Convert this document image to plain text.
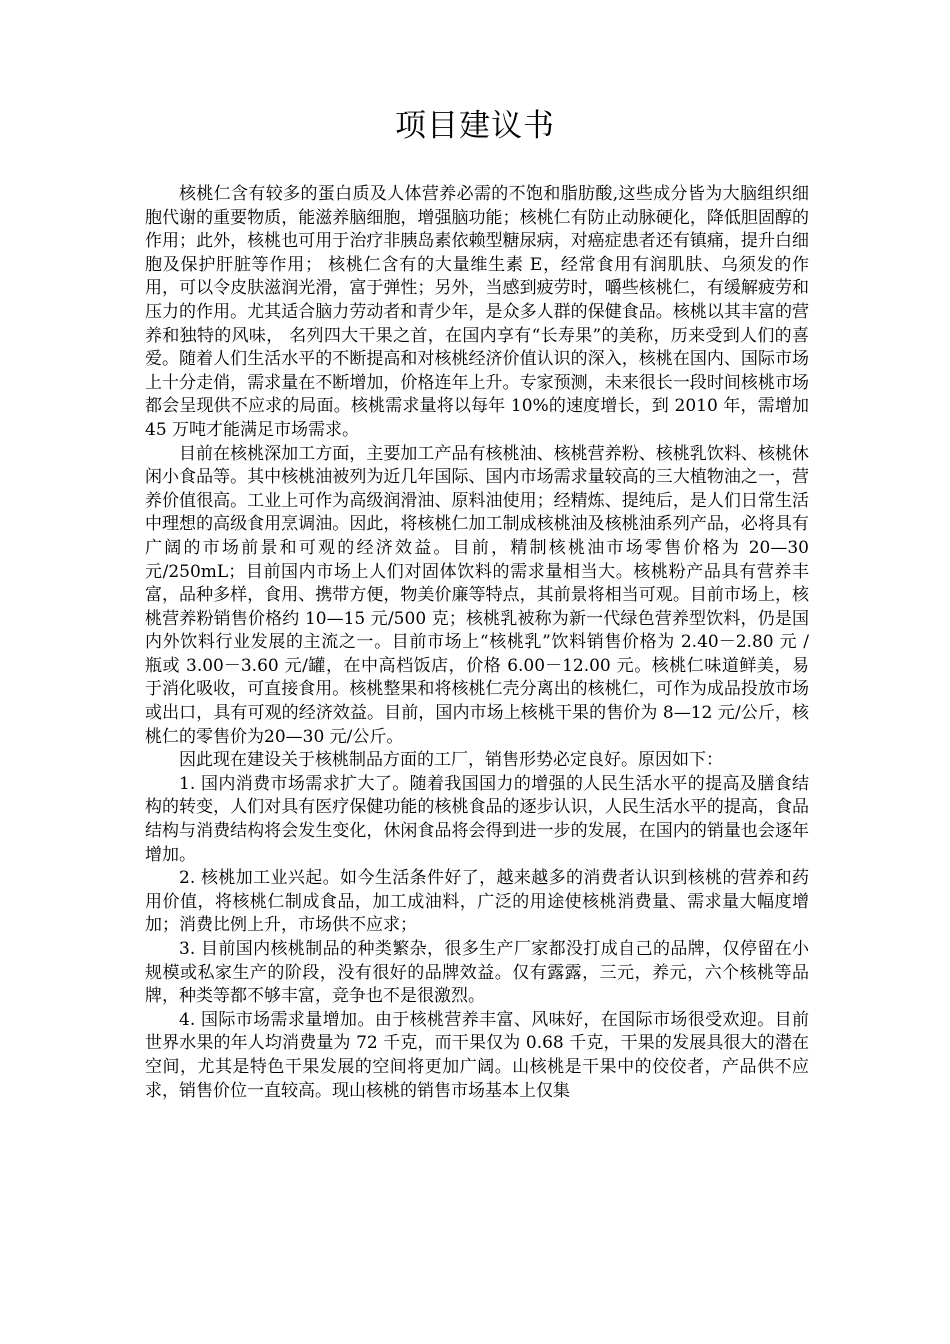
项目建议书

核桃仁含有较多的蛋白质及人体营养必需的不饱和脂肪酸,这些成分皆为大脑组织细胞代谢的重要物质，能滋养脑细胞，增强脑功能；核桃仁有防止动脉硬化，降低胆固醇的作用；此外，核桃也可用于治疗非胰岛素依赖型糖尿病，对癌症患者还有镇痛，提升白细胞及保护肝脏等作用； 核桃仁含有的大量维生素 E，经常食用有润肌肤、乌须发的作用，可以令皮肤滋润光滑，富于弹性；另外，当感到疲劳时，嚼些核桃仁，有缓解疲劳和压力的作用。尤其适合脑力劳动者和青少年，是众多人群的保健食品。核桃以其丰富的营养和独特的风味， 名列四大干果之首，在国内享有“长寿果”的美称，历来受到人们的喜爱。随着人们生活水平的不断提高和对核桃经济价值认识的深入，核桃在国内、国际市场上十分走俏，需求量在不断增加，价格连年上升。专家预测，未来很长一段时间核桃市场都会呈现供不应求的局面。核桃需求量将以每年 10%的速度增长，到 2010 年，需增加 45 万吨才能满足市场需求。

目前在核桃深加工方面，主要加工产品有核桃油、核桃营养粉、核桃乳饮料、核桃休闲小食品等。其中核桃油被列为近几年国际、国内市场需求量较高的三大植物油之一，营养价值很高。工业上可作为高级润滑油、原料油使用；经精炼、提纯后，是人们日常生活中理想的高级食用烹调油。因此，将核桃仁加工制成核桃油及核桃油系列产品，必将具有广阔的市场前景和可观的经济效益。目前，精制核桃油市场零售价格为 20—30 元/250mL；目前国内市场上人们对固体饮料的需求量相当大。核桃粉产品具有营养丰富，品种多样，食用、携带方便，物美价廉等特点，其前景将相当可观。目前市场上，核桃营养粉销售价格约 10—15 元/500 克；核桃乳被称为新一代绿色营养型饮料，仍是国内外饮料行业发展的主流之一。目前市场上“核桃乳”饮料销售价格为 2.40－2.80 元 / 瓶或 3.00－3.60 元/罐，在中高档饭店，价格 6.00－12.00 元。核桃仁味道鲜美，易于消化吸收，可直接食用。核桃整果和将核桃仁壳分离出的核桃仁，可作为成品投放市场或出口，具有可观的经济效益。目前，国内市场上核桃干果的售价为 8—12 元/公斤，核桃仁的零售价为20—30 元/公斤。

因此现在建设关于核桃制品方面的工厂，销售形势必定良好。原因如下：

1. 国内消费市场需求扩大了。随着我国国力的增强的人民生活水平的提高及膳食结构的转变，人们对具有医疗保健功能的核桃食品的逐步认识，人民生活水平的提高，食品结构与消费结构将会发生变化，休闲食品将会得到进一步的发展，在国内的销量也会逐年增加。

2. 核桃加工业兴起。如今生活条件好了，越来越多的消费者认识到核桃的营养和药用价值，将核桃仁制成食品，加工成油料，广泛的用途使核桃消费量、需求量大幅度增加；消费比例上升，市场供不应求；

3. 目前国内核桃制品的种类繁杂，很多生产厂家都没打成自己的品牌，仅停留在小规模或私家生产的阶段，没有很好的品牌效益。仅有露露，三元，养元，六个核桃等品牌，种类等都不够丰富，竞争也不是很激烈。

4. 国际市场需求量增加。由于核桃营养丰富、风味好，在国际市场很受欢迎。目前世界水果的年人均消费量为 72 千克，而干果仅为 0.68 千克，干果的发展具很大的潜在空间，尤其是特色干果发展的空间将更加广阔。山核桃是干果中的佼佼者，产品供不应求，销售价位一直较高。现山核桃的销售市场基本上仅集
